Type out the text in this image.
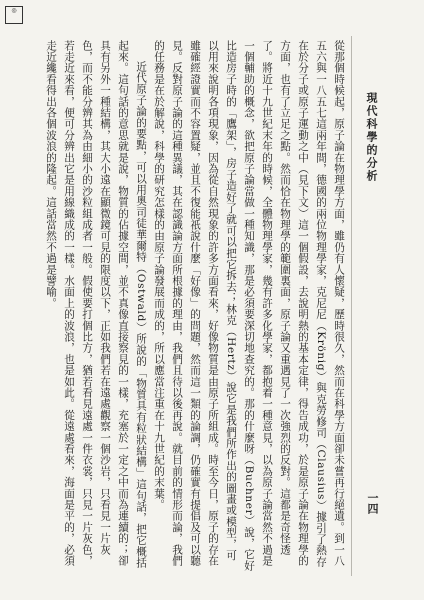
◎
現代科學的分析
一四

從那個時候起，原子論在物理學方面，雖仍有人懷疑，歷時很久，然而在科學方面卻未嘗再行絕遺。到一八五六與一八五七這兩年間，德國的兩位物理學家，克尼尼（Krönig）與克勞修司（Clausius）據引了熱存在於分子或原子運動之中（見下文）這一個假設，去說明熱的基本定律，得告成功，於是原子論在物理學的方面，也有了立足之點。然而恰在物理學的範圍裏面，原子論又重遇見了一次強烈的反對。這都是奇怪透了。將近十九世紀末年的時候，全體物理學家，幾有許多化學家，都抱着一種意見，以為原子論當然不過是一個輔助的概念，欲把原子論當做一種知識，那是必須要深切地查究的。那的什麼呀（Buchner）說，它好比造房子時的「鷹架」，房子造好了就可以把它拆去；林克（Hertz）說它是我們所作出的圖畫或模型，可以用來說明各項現象，因為從自然現象的許多方面看來，好像物質是由原子所組成。時至今日，原子的存在雖確經證實而不容置疑，並且不復能祇說什麼「好像」的問題，然而這一類的論調，仍確實有提倡及可以聽見。反對原子論的這種異議，其在認識論方面所根據的理由，我們且待以後再說。就目前的情形而論，我們的任務是在於解說，科學的研究怎樣的由原子論發展而成的，所以應當注重在十九世紀的末葉。

近代原子論的要點，可以用奧司徒華爾特（Ostwald）所說的「物質具有粒狀結構」這句話，把它概括起來。這句話的意思就是說，物質的佔據空間，並不真像直接察見的一樣，充塞於一定之中而為連續的；卻具有另外一種結構，其大小遠在顯微鏡可見的限度以下，正如我們若在遠處觀察一個沙岩，只看見一片灰色，而不能分辨其為由細小的沙粒組成者一般。假使要打個比方，猶若看見遠處一件衣裳，只見一片灰色，若走近來看，便可分辨出它是用線織成的一樣。水面上的波浪，也是如此。從遠處看來，海面是平的，必須走近纔看得出各個波浪的隆起。這話當然不過是譬喻。
